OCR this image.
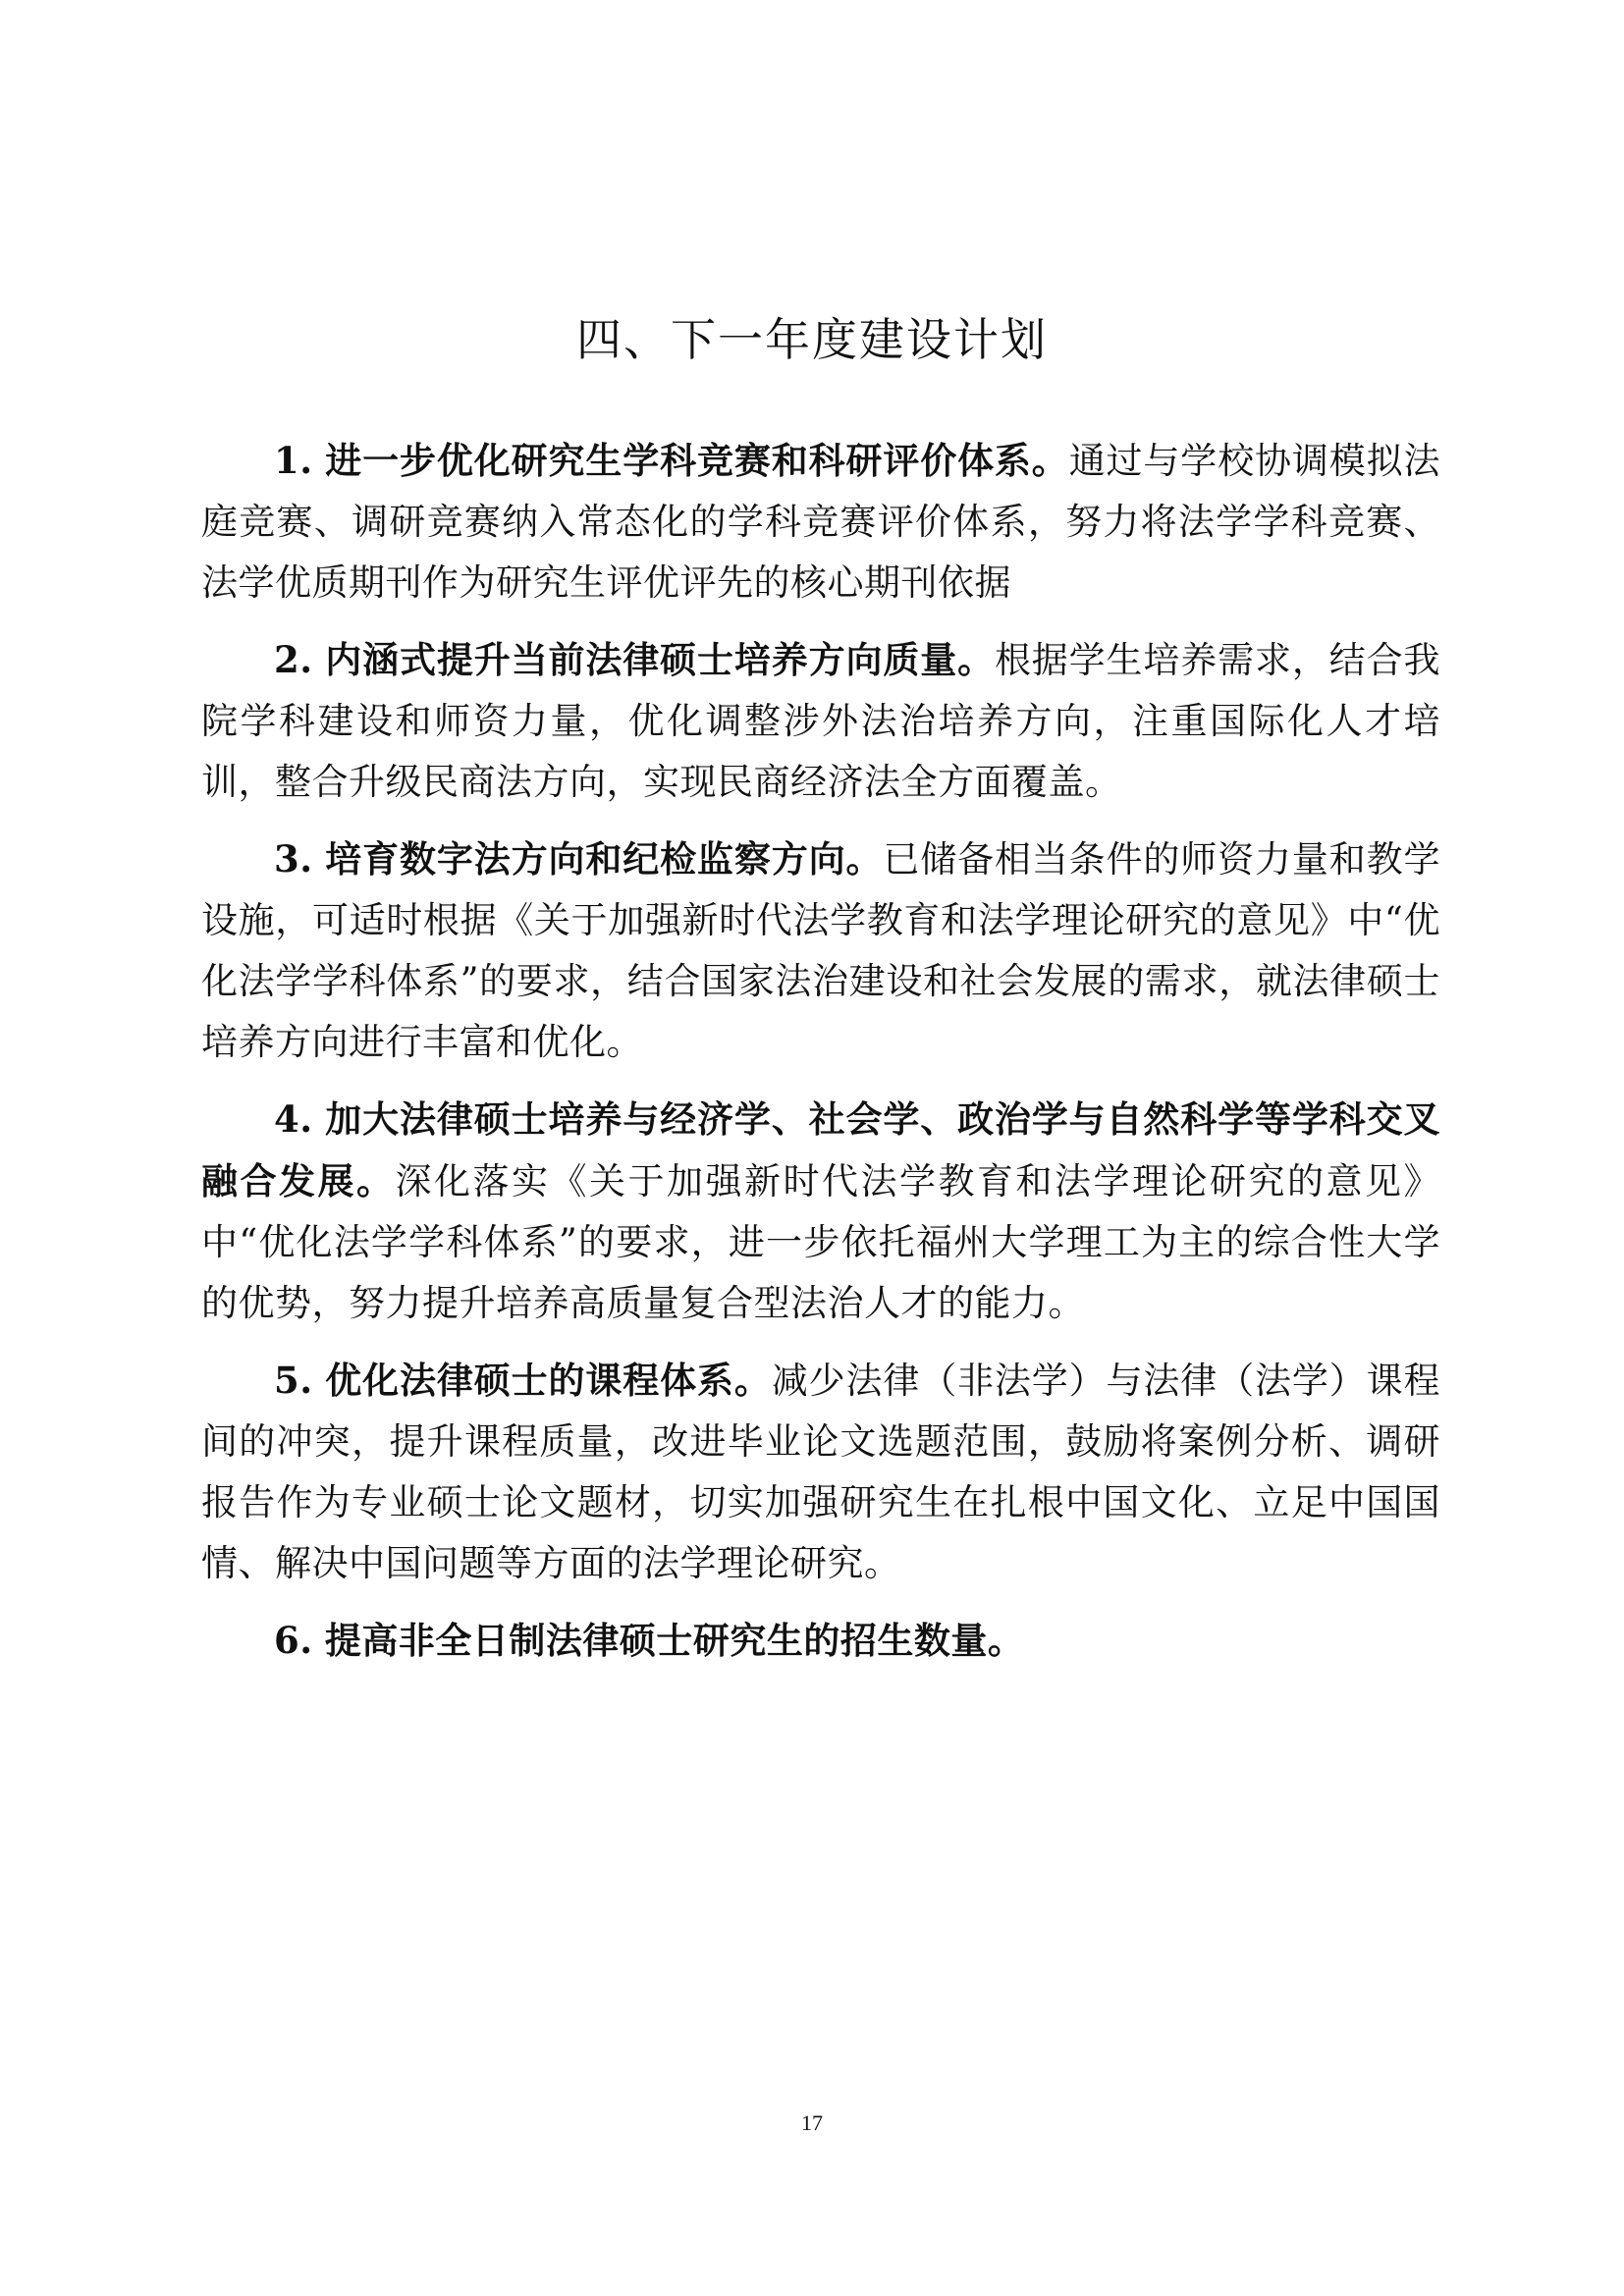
四、下一年度建设计划

1. 进一步优化研究生学科竞赛和科研评价体系。通过与学校协调模拟法庭竞赛、调研竞赛纳入常态化的学科竞赛评价体系，努力将法学学科竞赛、法学优质期刊作为研究生评优评先的核心期刊依据

2. 内涵式提升当前法律硕士培养方向质量。根据学生培养需求，结合我院学科建设和师资力量，优化调整涉外法治培养方向，注重国际化人才培训，整合升级民商法方向，实现民商经济法全方面覆盖。

3. 培育数字法方向和纪检监察方向。已储备相当条件的师资力量和教学设施，可适时根据《关于加强新时代法学教育和法学理论研究的意见》中“优化法学学科体系”的要求，结合国家法治建设和社会发展的需求，就法律硕士培养方向进行丰富和优化。

4. 加大法律硕士培养与经济学、社会学、政治学与自然科学等学科交叉融合发展。深化落实《关于加强新时代法学教育和法学理论研究的意见》中“优化法学学科体系”的要求，进一步依托福州大学理工为主的综合性大学的优势，努力提升培养高质量复合型法治人才的能力。

5. 优化法律硕士的课程体系。减少法律（非法学）与法律（法学）课程间的冲突，提升课程质量，改进毕业论文选题范围，鼓励将案例分析、调研报告作为专业硕士论文题材，切实加强研究生在扎根中国文化、立足中国国情、解决中国问题等方面的法学理论研究。

6. 提高非全日制法律硕士研究生的招生数量。

17
